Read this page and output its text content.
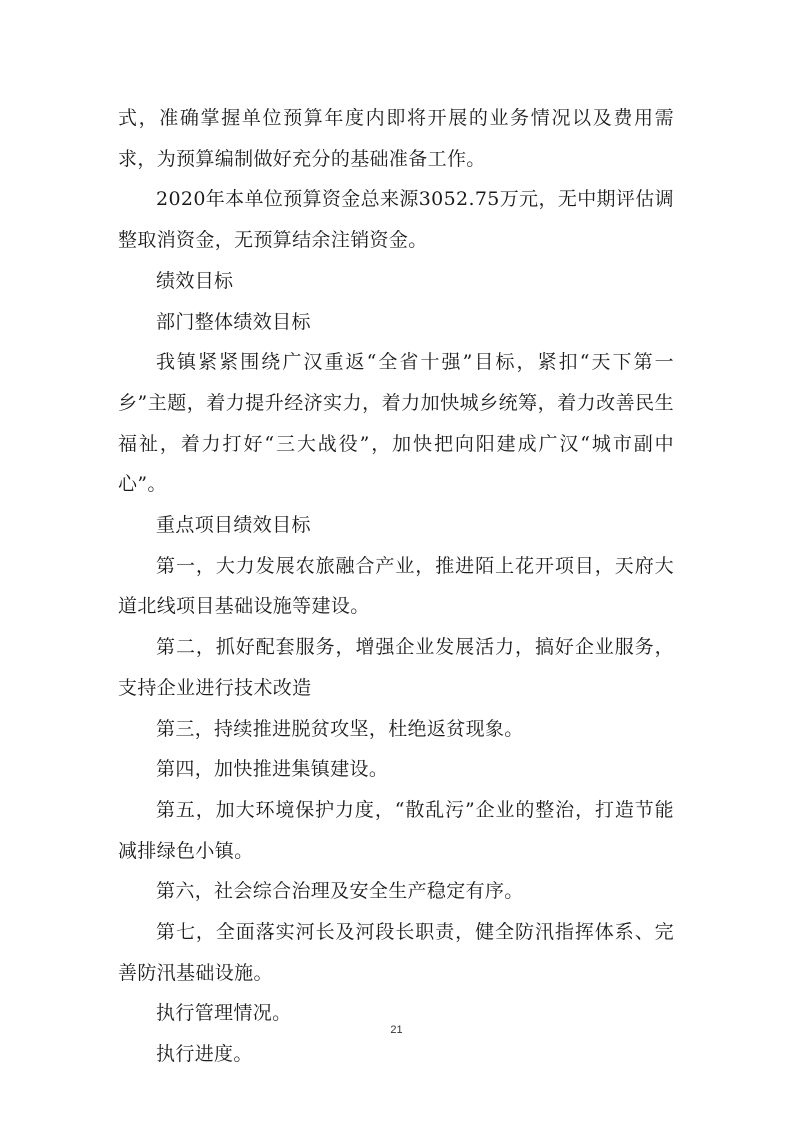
式，准确掌握单位预算年度内即将开展的业务情况以及费用需求，为预算编制做好充分的基础准备工作。

2020年本单位预算资金总来源3052.75万元，无中期评估调整取消资金，无预算结余注销资金。

绩效目标

部门整体绩效目标

我镇紧紧围绕广汉重返“全省十强”目标，紧扣“天下第一乡”主题，着力提升经济实力，着力加快城乡统筹，着力改善民生福祉，着力打好“三大战役”，加快把向阳建成广汉“城市副中心”。

重点项目绩效目标

第一，大力发展农旅融合产业，推进陌上花开项目，天府大道北线项目基础设施等建设。

第二，抓好配套服务，增强企业发展活力，搞好企业服务，支持企业进行技术改造

第三，持续推进脱贫攻坚，杜绝返贫现象。

第四，加快推进集镇建设。

第五，加大环境保护力度，“散乱污”企业的整治，打造节能减排绿色小镇。

第六，社会综合治理及安全生产稳定有序。

第七，全面落实河长及河段长职责，健全防汛指挥体系、完善防汛基础设施。

执行管理情况。

执行进度。

21
